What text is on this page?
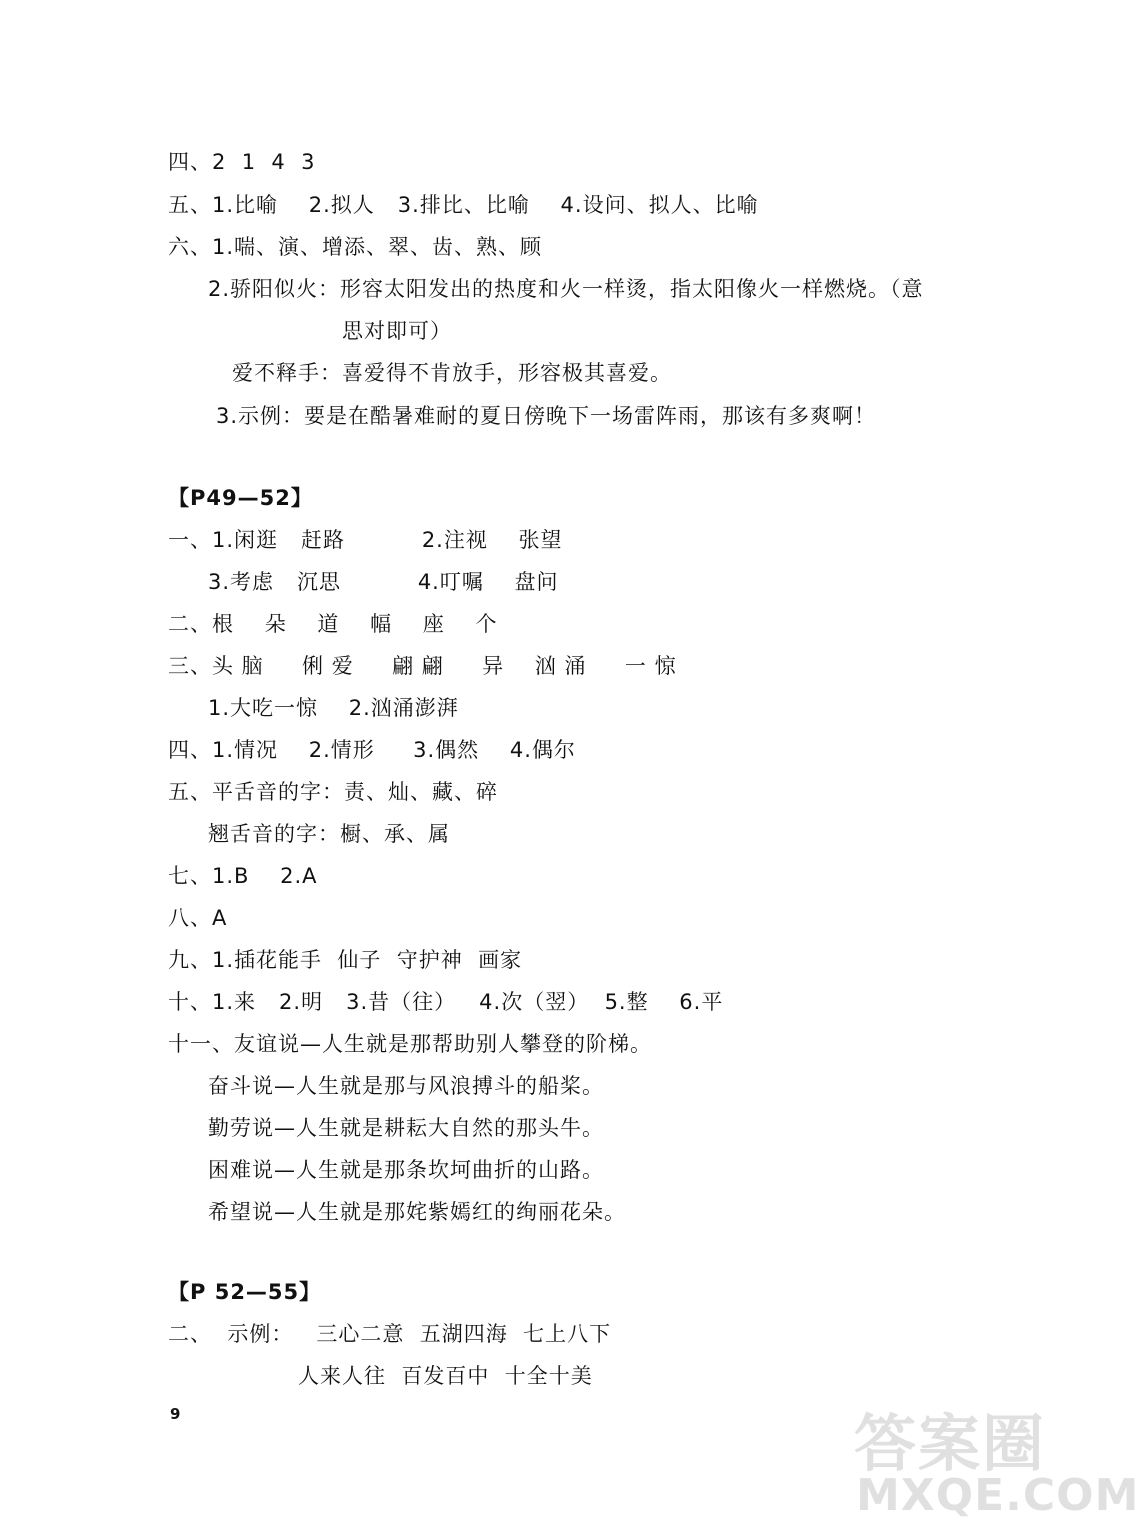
四、2  1  4  3
五、1.比喻    2.拟人   3.排比、比喻    4.设问、拟人、比喻
六、1.喘、演、增添、翠、齿、熟、顾
2.骄阳似火：形容太阳发出的热度和火一样烫，指太阳像火一样燃烧。（意
思对即可）
爱不释手：喜爱得不肯放手，形容极其喜爱。
3.示例：要是在酷暑难耐的夏日傍晚下一场雷阵雨，那该有多爽啊！
【P49—52】
一、1.闲逛   赶路          2.注视    张望
3.考虑   沉思          4.叮嘱    盘问
二、根    朵    道    幅    座    个
三、头 脑     俐 爱     翩 翩     异    汹 涌     一 惊
1.大吃一惊    2.汹涌澎湃
四、1.情况    2.情形     3.偶然    4.偶尔
五、平舌音的字：责、灿、藏、碎
翘舌音的字：橱、承、属
七、1.B    2.A
八、A
九、1.插花能手  仙子  守护神  画家
十、1.来   2.明   3.昔（往）   4.次（翌）  5.整    6.平
十一、友谊说—人生就是那帮助别人攀登的阶梯。
奋斗说—人生就是那与风浪搏斗的船桨。
勤劳说—人生就是耕耘大自然的那头牛。
困难说—人生就是那条坎坷曲折的山路。
希望说—人生就是那姹紫嫣红的绚丽花朵。
【P 52—55】
二、  示例：   三心二意  五湖四海  七上八下
人来人往  百发百中  十全十美
9	答案圈
MXQE.COM
